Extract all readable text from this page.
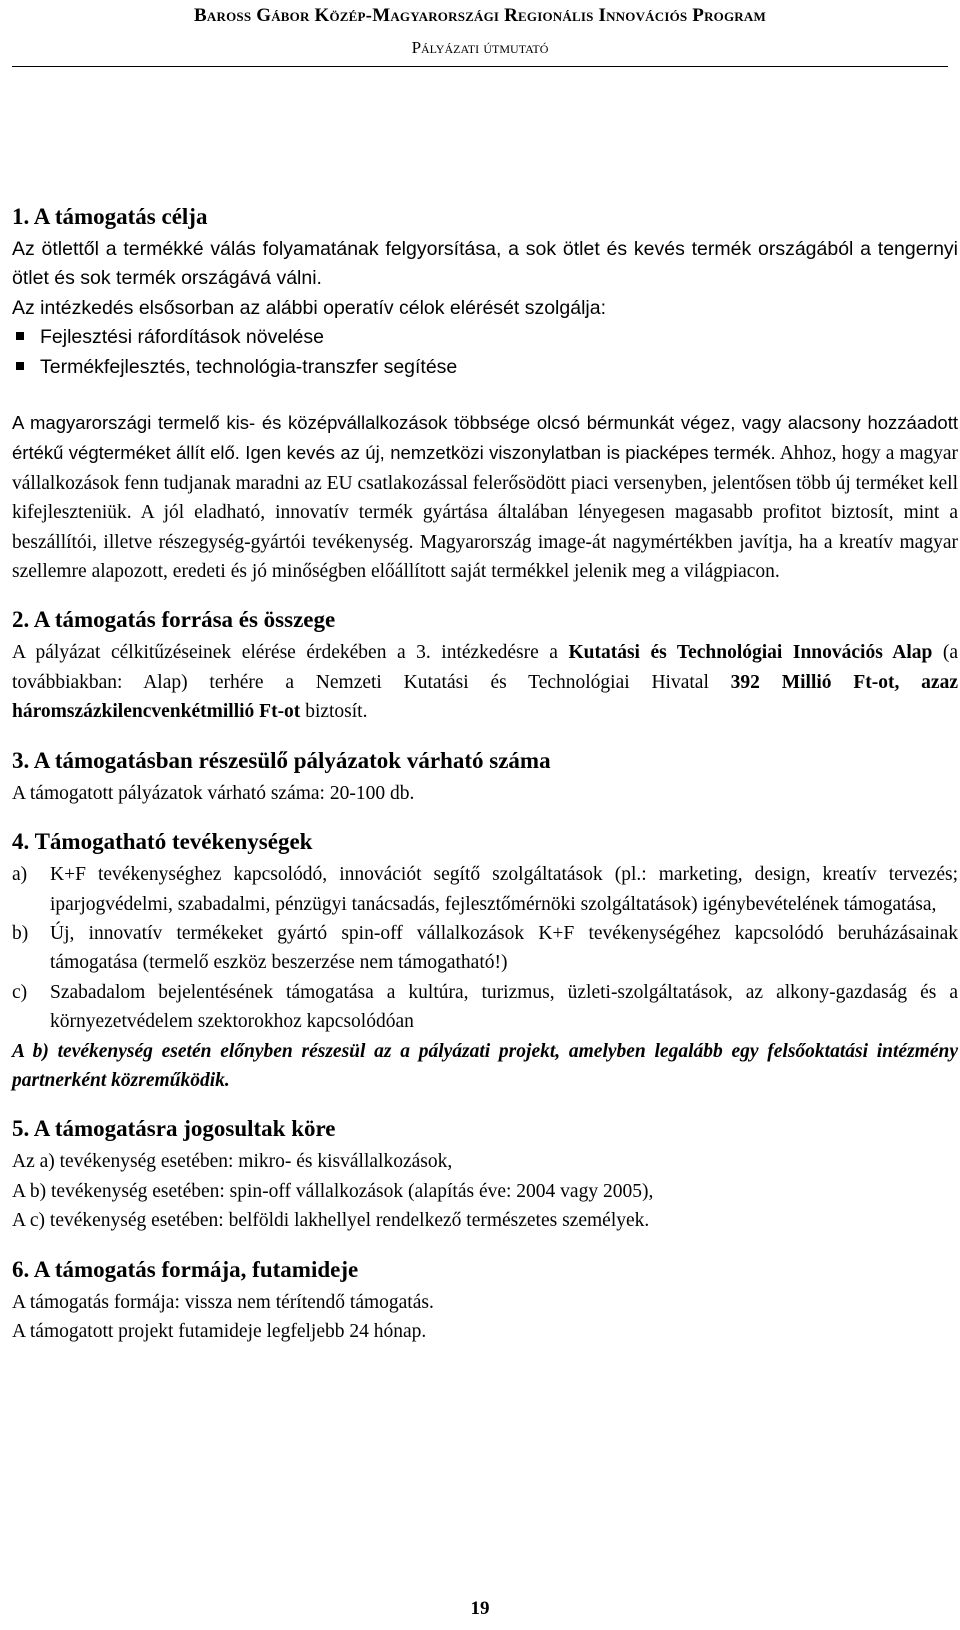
Baross Gábor Közép-Magyarországi Regionális Innovációs Program
Pályázati útmutató
1. A támogatás célja

Az ötlettől a termékké válás folyamatának felgyorsítása, a sok ötlet és kevés termék országából a tengernyi ötlet és sok termék országává válni.

Az intézkedés elsősorban az alábbi operatív célok elérését szolgálja:

Fejlesztési ráfordítások növelése
Termékfejlesztés, technológia-transzfer segítése

A magyarországi termelő kis- és középvállalkozások többsége olcsó bérmunkát végez, vagy alacsony hozzáadott értékű végterméket állít elő. Igen kevés az új, nemzetközi viszonylatban is piacképes termék. Ahhoz, hogy a magyar vállalkozások fenn tudjanak maradni az EU csatlakozással felerősödött piaci versenyben, jelentősen több új terméket kell kifejleszteniük. A jól eladható, innovatív termék gyártása általában lényegesen magasabb profitot biztosít, mint a beszállítói, illetve részegység-gyártói tevékenység. Magyarország image-át nagymértékben javítja, ha a kreatív magyar szellemre alapozott, eredeti és jó minőségben előállított saját termékkel jelenik meg a világpiacon.

2. A támogatás forrása és összege

A pályázat célkitűzéseinek elérése érdekében a 3. intézkedésre a Kutatási és Technológiai Innovációs Alap (a továbbiakban: Alap) terhére a Nemzeti Kutatási és Technológiai Hivatal 392 Millió Ft-ot, azaz háromszázkilencvenkétmillió Ft-ot biztosít.

3. A támogatásban részesülő pályázatok várható száma

A támogatott pályázatok várható száma: 20-100 db.

4. Támogatható tevékenységek
a)	K+F tevékenységhez kapcsolódó, innovációt segítő szolgáltatások (pl.: marketing, design, kreatív tervezés; iparjogvédelmi, szabadalmi, pénzügyi tanácsadás, fejlesztőmérnöki szolgáltatások) igénybevételének támogatása,
b)	Új, innovatív termékeket gyártó spin-off vállalkozások K+F tevékenységéhez kapcsolódó beruházásainak támogatása (termelő eszköz beszerzése nem támogatható!)
c)	Szabadalom bejelentésének támogatása a kultúra, turizmus, üzleti-szolgáltatások, az alkony-gazdaság és a környezetvédelem szektorokhoz kapcsolódóan

A b) tevékenység esetén előnyben részesül az a pályázati projekt, amelyben legalább egy felsőoktatási intézmény partnerként közreműködik.

5. A támogatásra jogosultak köre

Az a) tevékenység esetében: mikro- és kisvállalkozások,

A b) tevékenység esetében: spin-off vállalkozások (alapítás éve: 2004 vagy 2005),

A c) tevékenység esetében: belföldi lakhellyel rendelkező természetes személyek.

6. A támogatás formája, futamideje

A támogatás formája: vissza nem térítendő támogatás.

A támogatott projekt futamideje legfeljebb 24 hónap.

19
